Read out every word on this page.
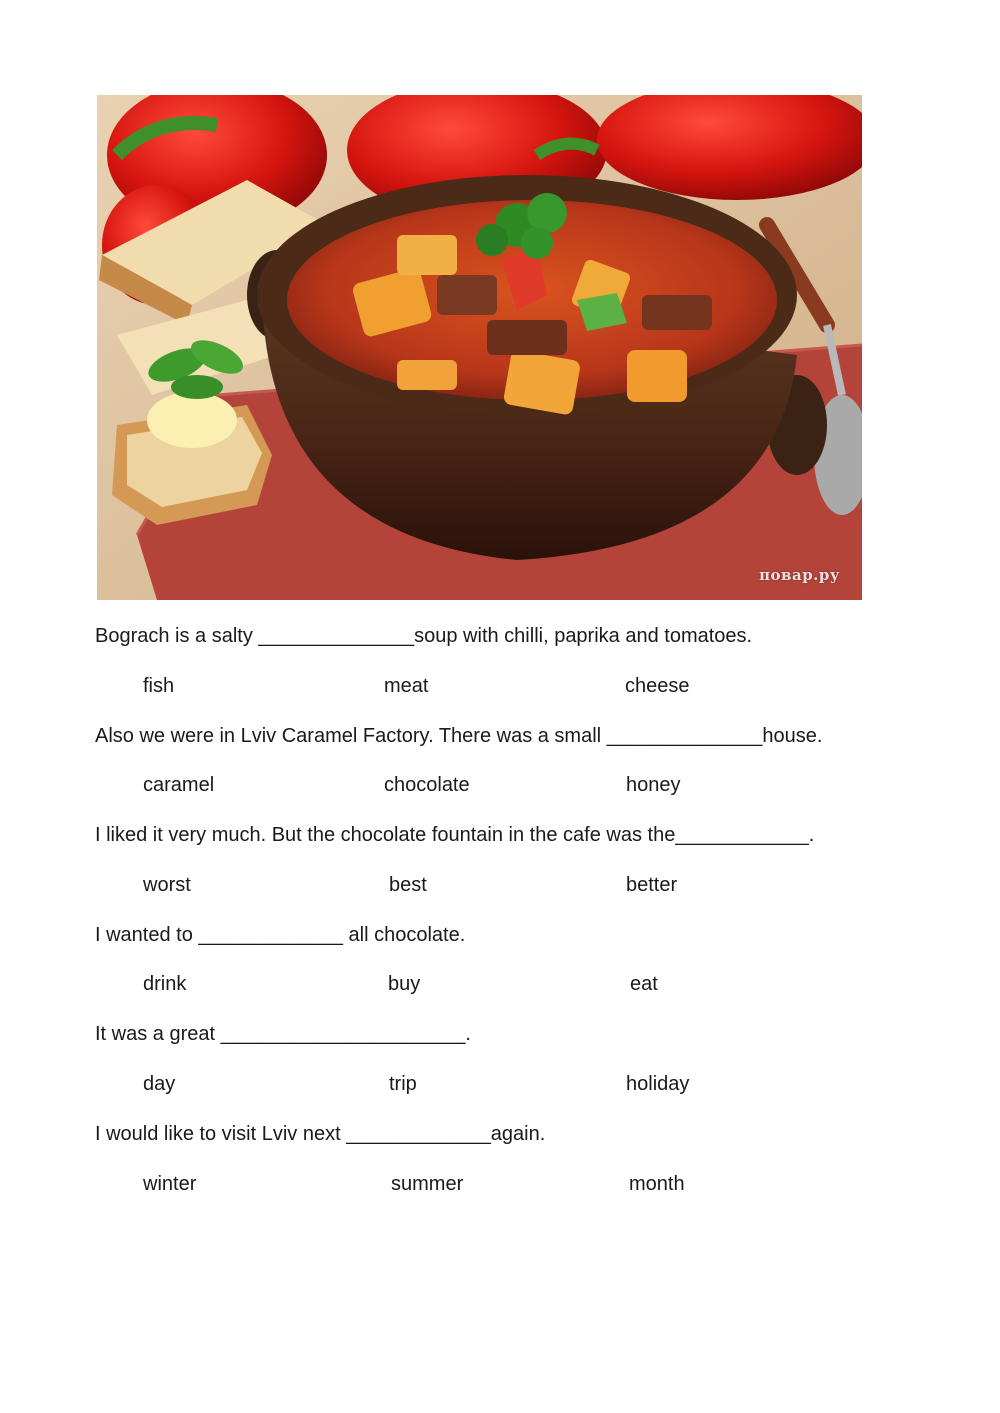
повар.ру
Bograch is a salty ______________soup with chilli, paprika and tomatoes.
fish	meat	cheese
Also we were in Lviv Caramel Factory. There was a small ______________house.
caramel	chocolate	honey
I liked it very much. But the chocolate fountain in the cafe was the____________.
worst	best	better
I wanted to _____________ all chocolate.
drink	buy	eat
It was a great ______________________.
day	trip	holiday
I would like to visit Lviv next _____________again.
winter	summer	month
